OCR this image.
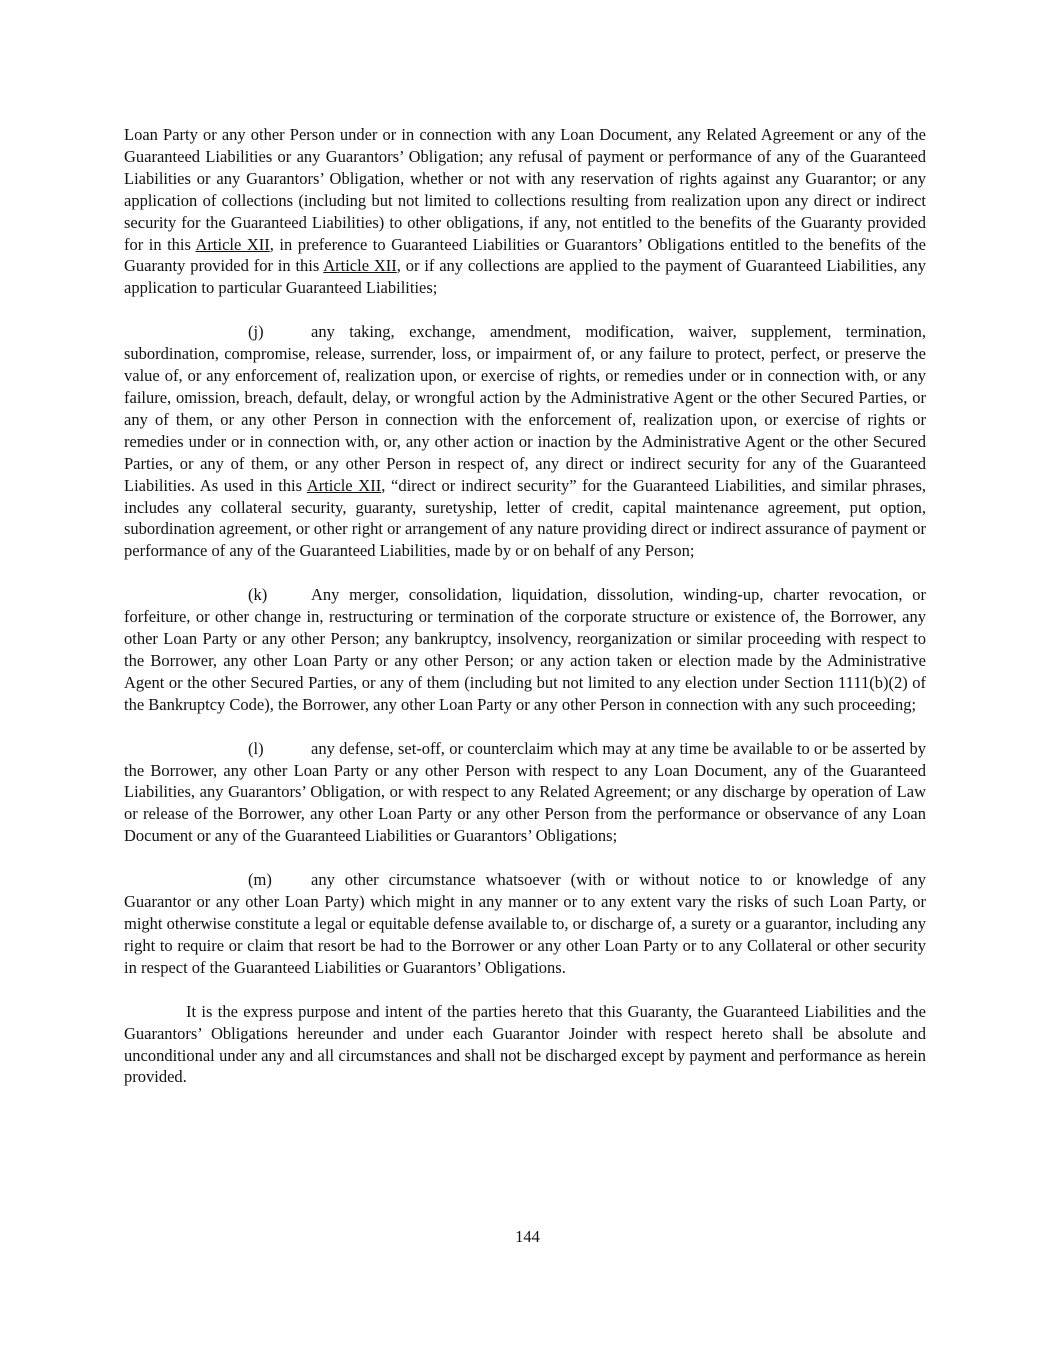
Loan Party or any other Person under or in connection with any Loan Document, any Related Agreement or any of the Guaranteed Liabilities or any Guarantors’ Obligation; any refusal of payment or performance of any of the Guaranteed Liabilities or any Guarantors’ Obligation, whether or not with any reservation of rights against any Guarantor; or any application of collections (including but not limited to collections resulting from realization upon any direct or indirect security for the Guaranteed Liabilities) to other obligations, if any, not entitled to the benefits of the Guaranty provided for in this Article XII, in preference to Guaranteed Liabilities or Guarantors’ Obligations entitled to the benefits of the Guaranty provided for in this Article XII, or if any collections are applied to the payment of Guaranteed Liabilities, any application to particular Guaranteed Liabilities;

(j)	any taking, exchange, amendment, modification, waiver, supplement, termination, subordination, compromise, release, surrender, loss, or impairment of, or any failure to protect, perfect, or preserve the value of, or any enforcement of, realization upon, or exercise of rights, or remedies under or in connection with, or any failure, omission, breach, default, delay, or wrongful action by the Administrative Agent or the other Secured Parties, or any of them, or any other Person in connection with the enforcement of, realization upon, or exercise of rights or remedies under or in connection with, or, any other action or inaction by the Administrative Agent or the other Secured Parties, or any of them, or any other Person in respect of, any direct or indirect security for any of the Guaranteed Liabilities. As used in this Article XII, “direct or indirect security” for the Guaranteed Liabilities, and similar phrases, includes any collateral security, guaranty, suretyship, letter of credit, capital maintenance agreement, put option, subordination agreement, or other right or arrangement of any nature providing direct or indirect assurance of payment or performance of any of the Guaranteed Liabilities, made by or on behalf of any Person;

(k)	Any merger, consolidation, liquidation, dissolution, winding-up, charter revocation, or forfeiture, or other change in, restructuring or termination of the corporate structure or existence of, the Borrower, any other Loan Party or any other Person; any bankruptcy, insolvency, reorganization or similar proceeding with respect to the Borrower, any other Loan Party or any other Person; or any action taken or election made by the Administrative Agent or the other Secured Parties, or any of them (including but not limited to any election under Section 1111(b)(2) of the Bankruptcy Code), the Borrower, any other Loan Party or any other Person in connection with any such proceeding;

(l)	any defense, set-off, or counterclaim which may at any time be available to or be asserted by the Borrower, any other Loan Party or any other Person with respect to any Loan Document, any of the Guaranteed Liabilities, any Guarantors’ Obligation, or with respect to any Related Agreement; or any discharge by operation of Law or release of the Borrower, any other Loan Party or any other Person from the performance or observance of any Loan Document or any of the Guaranteed Liabilities or Guarantors’ Obligations;

(m) any other circumstance whatsoever (with or without notice to or knowledge of any Guarantor or any other Loan Party) which might in any manner or to any extent vary the risks of such Loan Party, or might otherwise constitute a legal or equitable defense available to, or discharge of, a surety or a guarantor, including any right to require or claim that resort be had to the Borrower or any other Loan Party or to any Collateral or other security in respect of the Guaranteed Liabilities or Guarantors’ Obligations.

It is the express purpose and intent of the parties hereto that this Guaranty, the Guaranteed Liabilities and the Guarantors’ Obligations hereunder and under each Guarantor Joinder with respect hereto shall be absolute and unconditional under any and all circumstances and shall not be discharged except by payment and performance as herein provided.

144
